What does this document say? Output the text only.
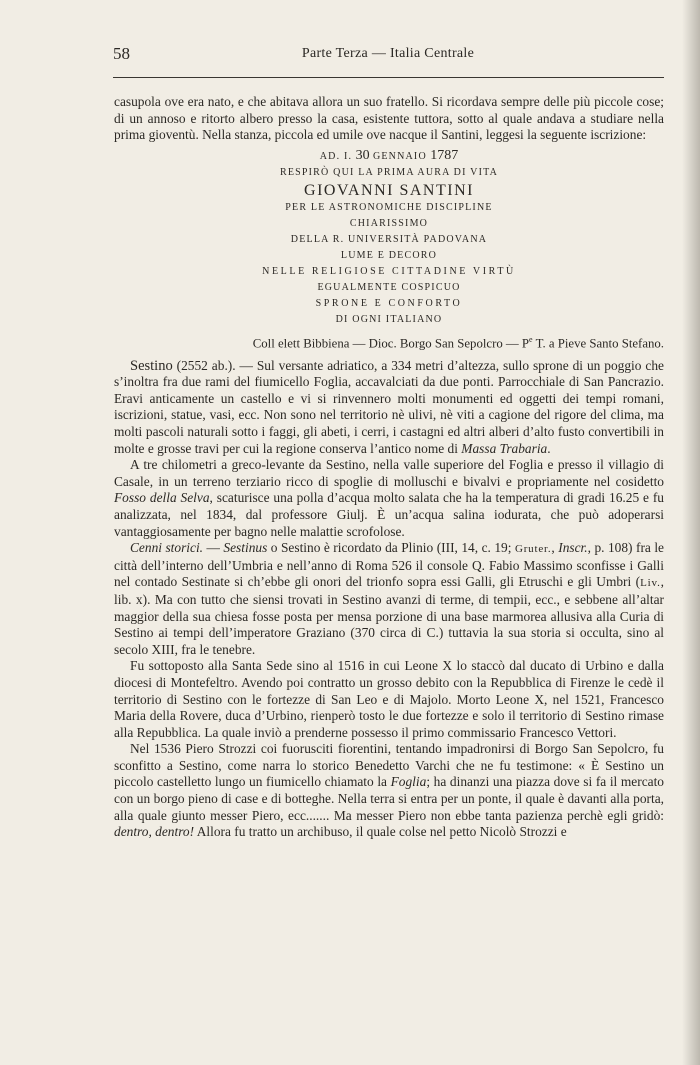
58	Parte Terza — Italia Centrale

casupola ove era nato, e che abitava allora un suo fratello. Si ricordava sempre delle più piccole cose; di un annoso e ritorto albero presso la casa, esistente tuttora, sotto al quale andava a studiare nella prima gioventù. Nella stanza, piccola ed umile ove nacque il Santini, leggesi la seguente iscrizione:

AD. I. 30 GENNAIO 1787
RESPIRÒ QUI LA PRIMA AURA DI VITA
GIOVANNI SANTINI
PER LE ASTRONOMICHE DISCIPLINE
CHIARISSIMO
DELLA R. UNIVERSITÀ PADOVANA
LUME E DECORO
NELLE RELIGIOSE CITTADINE VIRTÙ
EGUALMENTE COSPICUO
SPRONE E CONFORTO
DI OGNI ITALIANO
Coll elett Bibbiena — Dioc. Borgo San Sepolcro — $P^e$ T. a Pieve Santo Stefano.

Sestino (2552 ab.). — Sul versante adriatico, a 334 metri d’altezza, sullo sprone di un poggio che s’inoltra fra due rami del fiumicello Foglia, accavalciati da due ponti. Parrocchiale di San Pancrazio. Eravi anticamente un castello e vi si rinvennero molti monumenti ed oggetti dei tempi romani, iscrizioni, statue, vasi, ecc. Non sono nel territorio nè ulivi, nè viti a cagione del rigore del clima, ma molti pascoli naturali sotto i faggi, gli abeti, i cerri, i castagni ed altri alberi d’alto fusto convertibili in molte e grosse travi per cui la regione conserva l’antico nome di Massa Trabaria.

A tre chilometri a greco-levante da Sestino, nella valle superiore del Foglia e presso il villagio di Casale, in un terreno terziario ricco di spoglie di molluschi e bivalvi e propriamente nel cosidetto Fosso della Selva, scaturisce una polla d’acqua molto salata che ha la temperatura di gradi 16.25 e fu analizzata, nel 1834, dal professore Giulj. È un’acqua salina iodurata, che può adoperarsi vantaggiosamente per bagno nelle malattie scrofolose.

Cenni storici. — Sestinus o Sestino è ricordato da Plinio (III, 14, c. 19; Gruter., Inscr., p. 108) fra le città dell’interno dell’Umbria e nell’anno di Roma 526 il console Q. Fabio Massimo sconfisse i Galli nel contado Sestinate si ch’ebbe gli onori del trionfo sopra essi Galli, gli Etruschi e gli Umbri (Liv., lib. x). Ma con tutto che siensi trovati in Sestino avanzi di terme, di tempii, ecc., e sebbene all’altar maggior della sua chiesa fosse posta per mensa porzione di una base marmorea allusiva alla Curia di Sestino ai tempi dell’imperatore Graziano (370 circa di C.) tuttavia la sua storia si occulta, sino al secolo XIII, fra le tenebre.

Fu sottoposto alla Santa Sede sino al 1516 in cui Leone X lo staccò dal ducato di Urbino e dalla diocesi di Montefeltro. Avendo poi contratto un grosso debito con la Repubblica di Firenze le cedè il territorio di Sestino con le fortezze di San Leo e di Majolo. Morto Leone X, nel 1521, Francesco Maria della Rovere, duca d’Urbino, rienperò tosto le due fortezze e solo il territorio di Sestino rimase alla Repubblica. La quale inviò a prenderne possesso il primo commissario Francesco Vettori.

Nel 1536 Piero Strozzi coi fuorusciti fiorentini, tentando impadronirsi di Borgo San Sepolcro, fu sconfitto a Sestino, come narra lo storico Benedetto Varchi che ne fu testimone: « È Sestino un piccolo castelletto lungo un fiumicello chiamato la Foglia; ha dinanzi una piazza dove si fa il mercato con un borgo pieno di case e di botteghe. Nella terra si entra per un ponte, il quale è davanti alla porta, alla quale giunto messer Piero, ecc....... Ma messer Piero non ebbe tanta pazienza perchè egli gridò: dentro, dentro! Allora fu tratto un archibuso, il quale colse nel petto Nicolò Strozzi e
